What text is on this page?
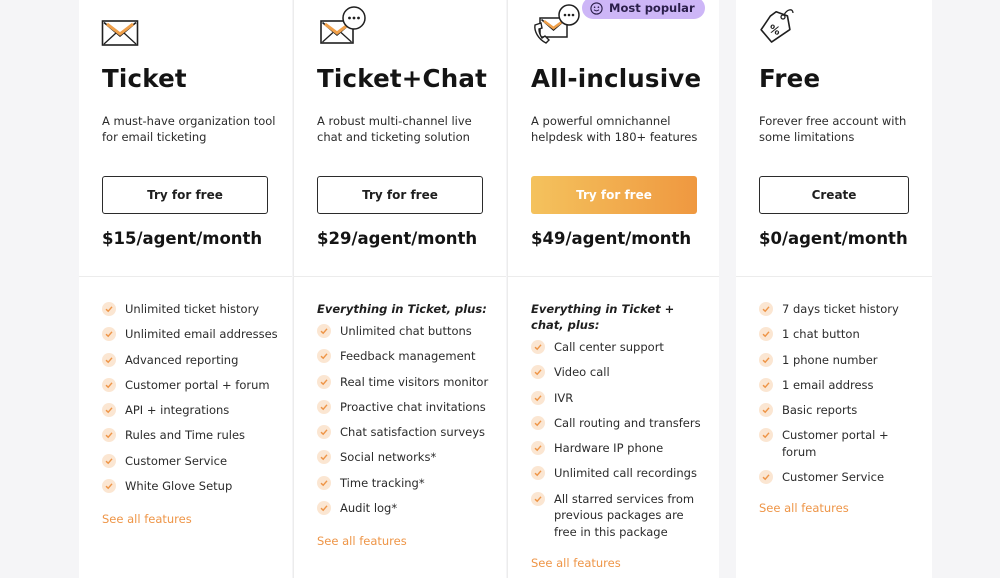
Ticket
A must-have organization tool for email ticketing
Try for free
$15/agent/month
Unlimited ticket history
Unlimited email addresses
Advanced reporting
Customer portal + forum
API + integrations
Rules and Time rules
Customer Service
White Glove Setup
See all features
Ticket+Chat
A robust multi-channel live chat and ticketing solution
Try for free
$29/agent/month
Everything in Ticket, plus:
Unlimited chat buttons
Feedback management
Real time visitors monitor
Proactive chat invitations
Chat satisfaction surveys
Social networks*
Time tracking*
Audit log*
See all features
Most popular
All-inclusive
A powerful omnichannel helpdesk with 180+ features
Try for free
$49/agent/month
Everything in Ticket + chat, plus:
Call center support
Video call
IVR
Call routing and transfers
Hardware IP phone
Unlimited call recordings
All starred services from previous packages are free in this package
See all features
%
Free
Forever free account with some limitations
Create
$0/agent/month
7 days ticket history
1 chat button
1 phone number
1 email address
Basic reports
Customer portal + forum
Customer Service
See all features
